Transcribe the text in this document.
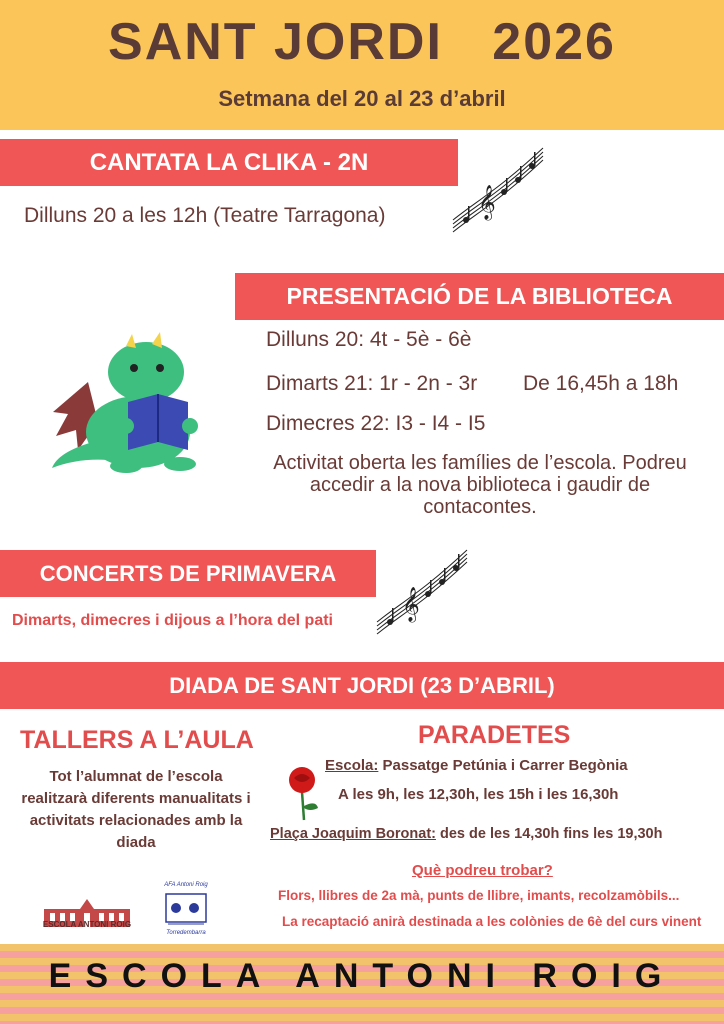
SANT JORDI   2026
Setmana del 20 al 23 d’abril
CANTATA LA CLIKA - 2N
Dilluns 20 a les 12h (Teatre Tarragona)	𝄞
PRESENTACIÓ DE LA BIBLIOTECA
Dilluns 20: 4t - 5è - 6è
Dimarts 21: 1r - 2n - 3r De 16,45h a 18h
Dimecres 22: I3 - I4 - I5
Activitat oberta les famílies de l’escola. Podreu accedir a la nova biblioteca i gaudir de contacontes.
CONCERTS DE PRIMAVERA
Dimarts, dimecres i dijous a l’hora del pati 𝄞
DIADA DE SANT JORDI (23 D’ABRIL)
TALLERS A L’AULA
Tot l’alumnat de l’escola realitzarà diferents manualitats i activitats relacionades amb la diada
PARADETES
Escola: Passatge Petúnia i Carrer Begònia
A les 9h, les 12,30h, les 15h i les 16,30h
Plaça Joaquim Boronat: des de les 14,30h fins les 19,30h
Què podreu trobar?
Flors, llibres de 2a mà, punts de llibre, imants, recolzamòbils...
La recaptació anirà destinada a les colònies de 6è del curs vinent
ESCOLA ANTONI ROIG
AFA Antoni Roig
Torredembarra
ESCOLA ANTONI ROIG
